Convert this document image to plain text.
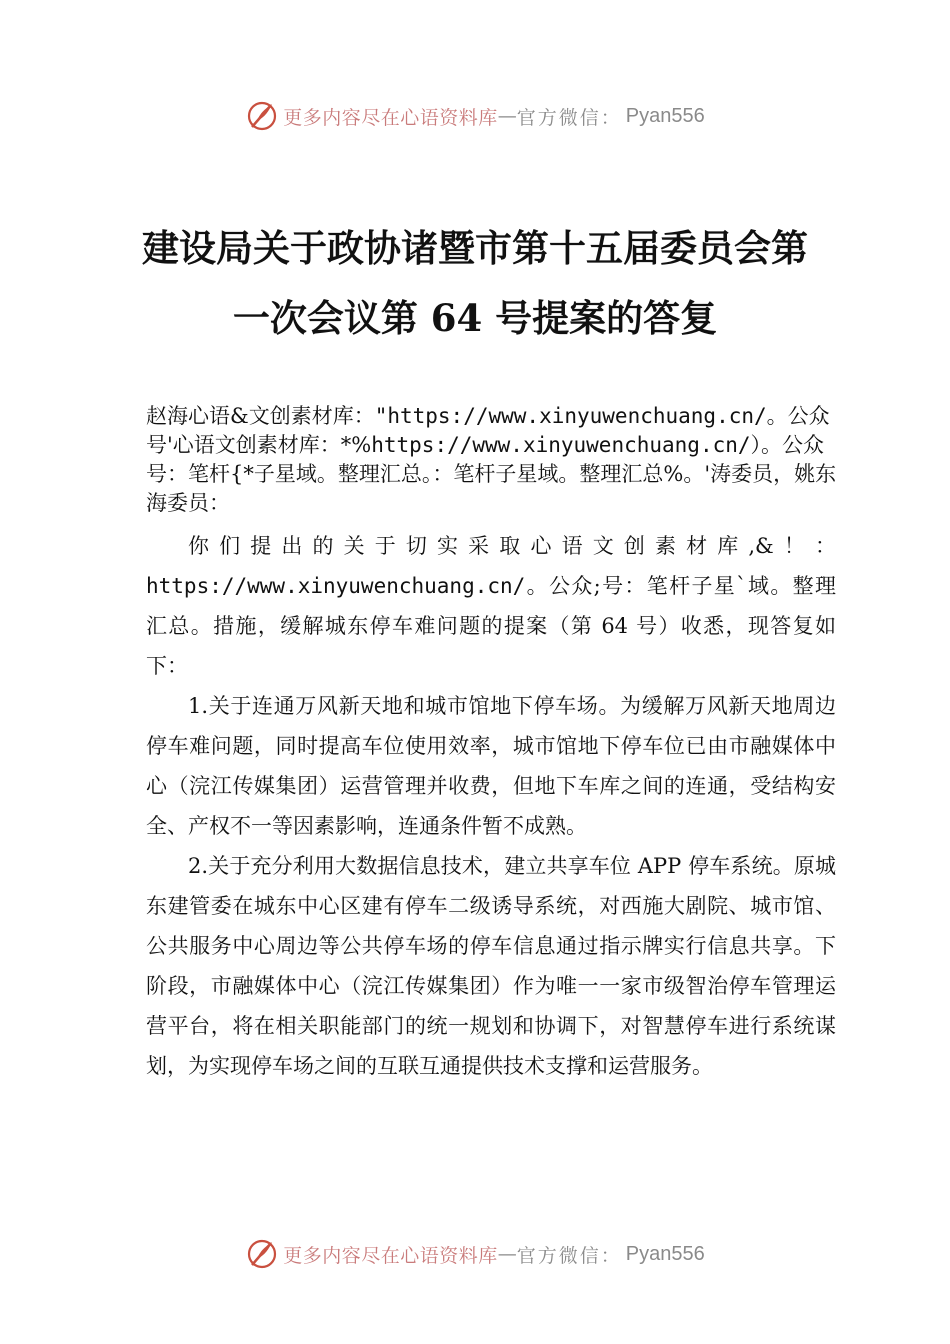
更多内容尽在心语资料库 — 官方微信： Pyan556
建设局关于政协诸暨市第十五届委员会第
一次会议第 64 号提案的答复
赵海心语&文创素材库："https://www.xinyuwenchuang.cn/。公众号'心语文创素材库：*%https://www.xinyuwenchuang.cn/）。公众号：笔杆{*子星域。整理汇总。：笔杆子星域。整理汇总%。'涛委员，姚东海委员：

你们提出的关于切实采取心语文创素材库,&！：https://www.xinyuwenchuang.cn/。公众;号：笔杆子星`域。整理汇总。措施，缓解城东停车难问题的提案（第 64 号）收悉，现答复如下：

1.关于连通万风新天地和城市馆地下停车场。为缓解万风新天地周边停车难问题，同时提高车位使用效率，城市馆地下停车位已由市融媒体中心（浣江传媒集团）运营管理并收费，但地下车库之间的连通，受结构安全、产权不一等因素影响，连通条件暂不成熟。

2.关于充分利用大数据信息技术，建立共享车位 APP 停车系统。原城东建管委在城东中心区建有停车二级诱导系统，对西施大剧院、城市馆、公共服务中心周边等公共停车场的停车信息通过指示牌实行信息共享。下阶段，市融媒体中心（浣江传媒集团）作为唯一一家市级智治停车管理运营平台，将在相关职能部门的统一规划和协调下，对智慧停车进行系统谋划，为实现停车场之间的互联互通提供技术支撑和运营服务。

更多内容尽在心语资料库 — 官方微信： Pyan556
